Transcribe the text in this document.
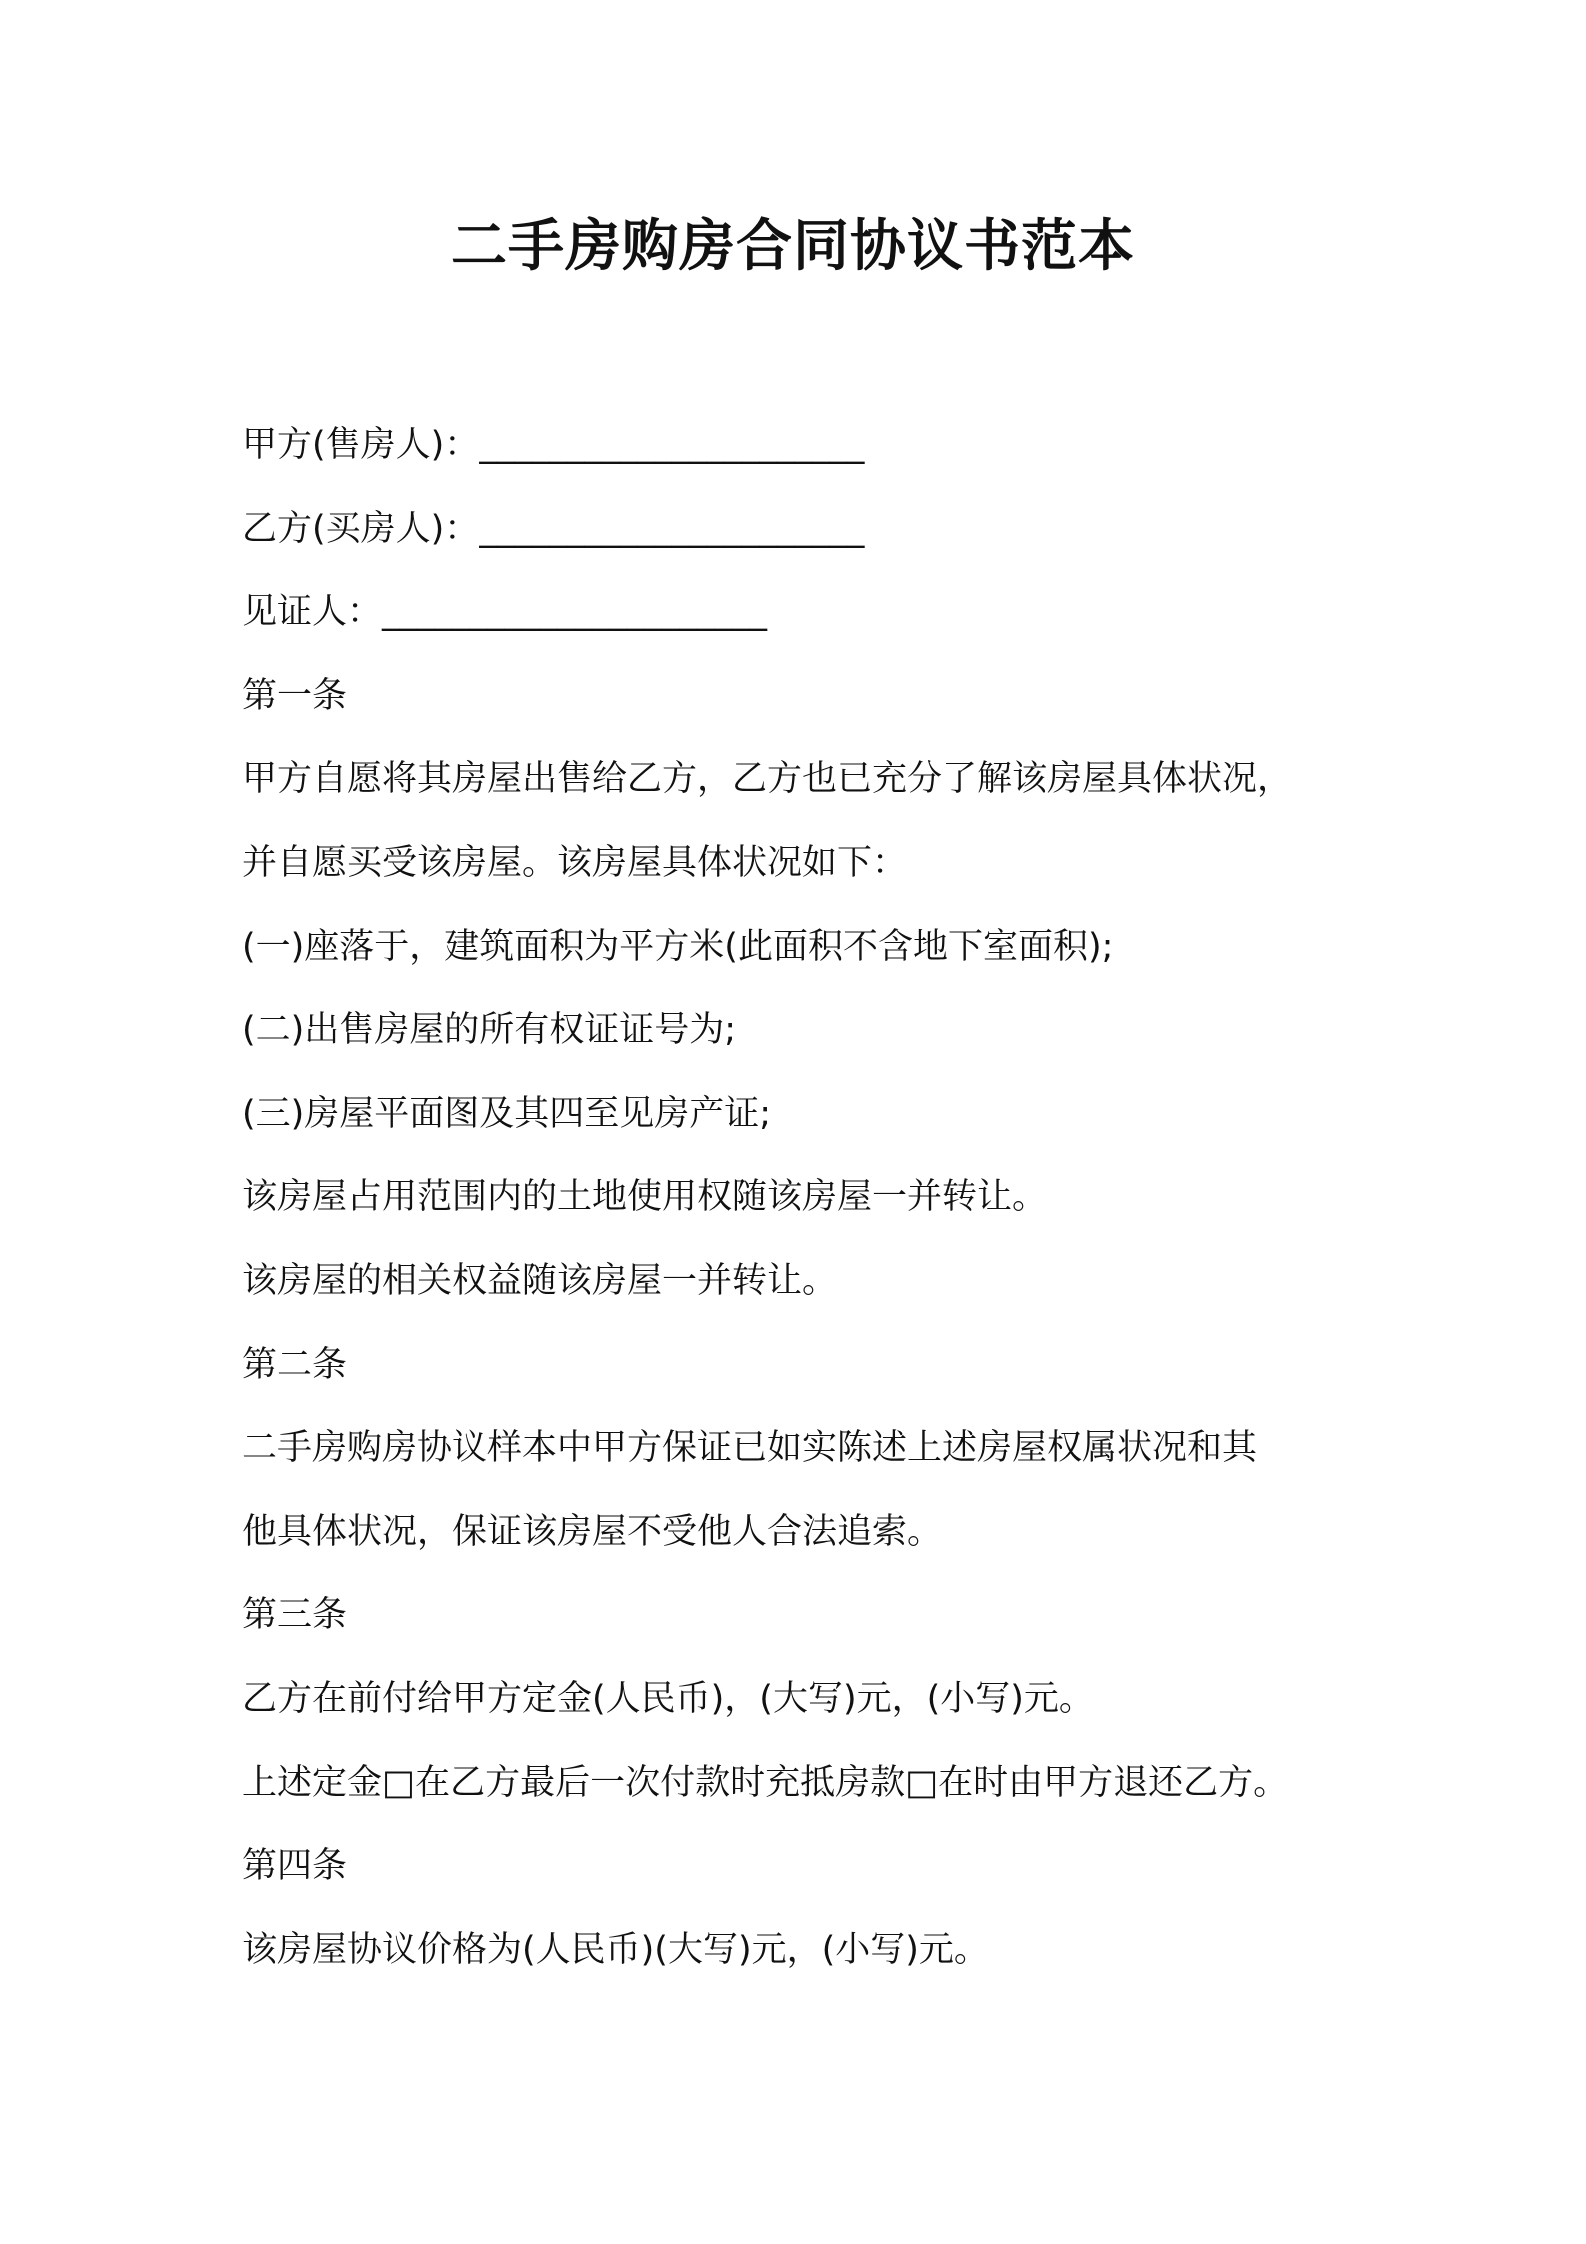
二手房购房合同协议书范本
甲方(售房人)：______________________
乙方(买房人)：______________________
见证人：______________________
第一条
甲方自愿将其房屋出售给乙方，乙方也已充分了解该房屋具体状况，
并自愿买受该房屋。该房屋具体状况如下：
(一)座落于，建筑面积为平方米(此面积不含地下室面积);
(二)出售房屋的所有权证证号为;
(三)房屋平面图及其四至见房产证;
该房屋占用范围内的土地使用权随该房屋一并转让。
该房屋的相关权益随该房屋一并转让。
第二条
二手房购房协议样本中甲方保证已如实陈述上述房屋权属状况和其
他具体状况，保证该房屋不受他人合法追索。
第三条
乙方在前付给甲方定金(人民币)，(大写)元，(小写)元。
上述定金□在乙方最后一次付款时充抵房款□在时由甲方退还乙方。
第四条
该房屋协议价格为(人民币)(大写)元，(小写)元。
